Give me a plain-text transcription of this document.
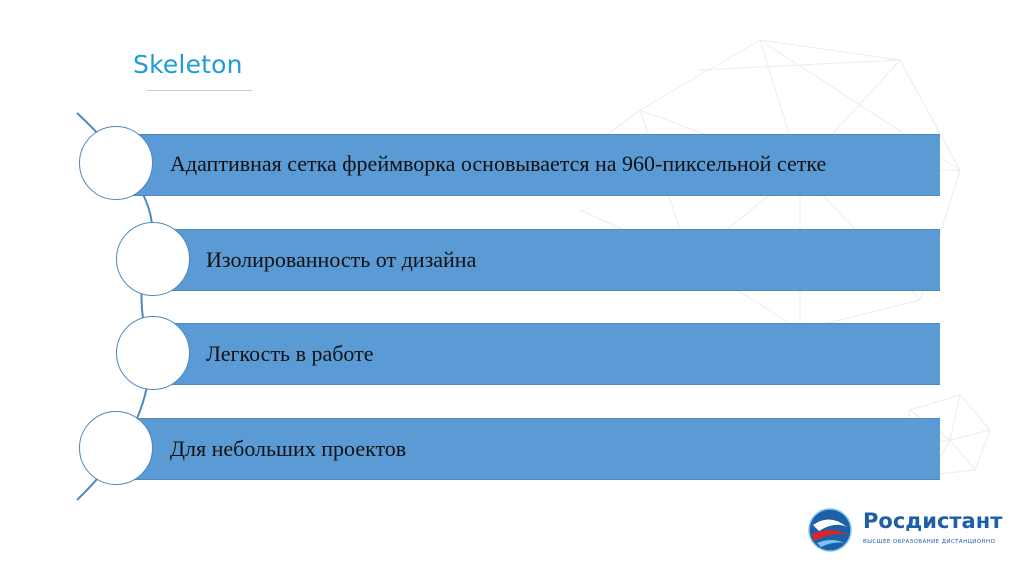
Skeleton
Адаптивная сетка фреймворка основывается на 960-пиксельной сетке
Изолированность от дизайна
Легкость в работе
Для небольших проектов
Росдистант
ВЫСШЕЕ ОБРАЗОВАНИЕ ДИСТАНЦИОННО
